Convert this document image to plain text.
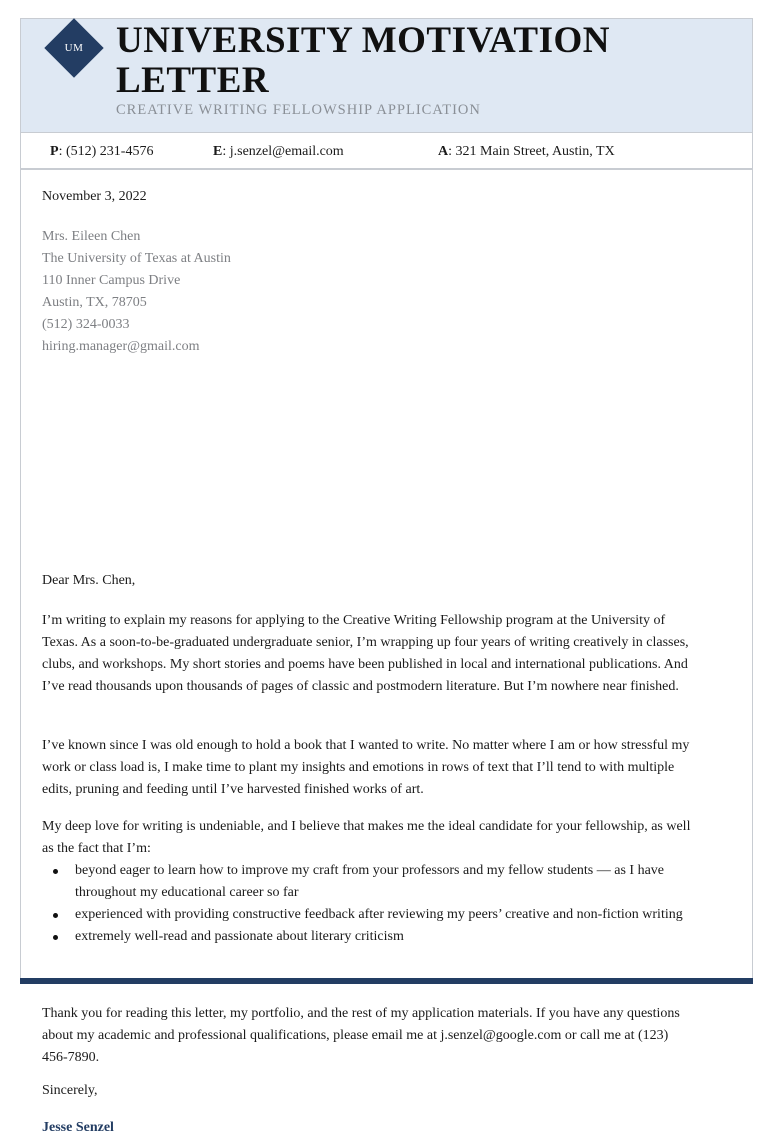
UM UNIVERSITY MOTIVATION LETTER
CREATIVE WRITING FELLOWSHIP APPLICATION
P: (512) 231-4576	E: j.senzel@email.com	A: 321 Main Street, Austin, TX
November 3, 2022
Mrs. Eileen Chen
The University of Texas at Austin
110 Inner Campus Drive
Austin, TX, 78705
(512) 324-0033
hiring.manager@gmail.com
Dear Mrs. Chen,
I’m writing to explain my reasons for applying to the Creative Writing Fellowship program at the University of Texas. As a soon-to-be-graduated undergraduate senior, I’m wrapping up four years of writing creatively in classes, clubs, and workshops. My short stories and poems have been published in local and international publications. And I’ve read thousands upon thousands of pages of classic and postmodern literature. But I’m nowhere near finished.
I’ve known since I was old enough to hold a book that I wanted to write. No matter where I am or how stressful my work or class load is, I make time to plant my insights and emotions in rows of text that I’ll tend to with multiple edits, pruning and feeding until I’ve harvested finished works of art.
My deep love for writing is undeniable, and I believe that makes me the ideal candidate for your fellowship, as well as the fact that I’m:
beyond eager to learn how to improve my craft from your professors and my fellow students — as I have throughout my educational career so far
experienced with providing constructive feedback after reviewing my peers’ creative and non-fiction writing
extremely well-read and passionate about literary criticism
Thank you for reading this letter, my portfolio, and the rest of my application materials. If you have any questions about my academic and professional qualifications, please email me at j.senzel@google.com or call me at (123) 456-7890.
Sincerely,
Jesse Senzel
